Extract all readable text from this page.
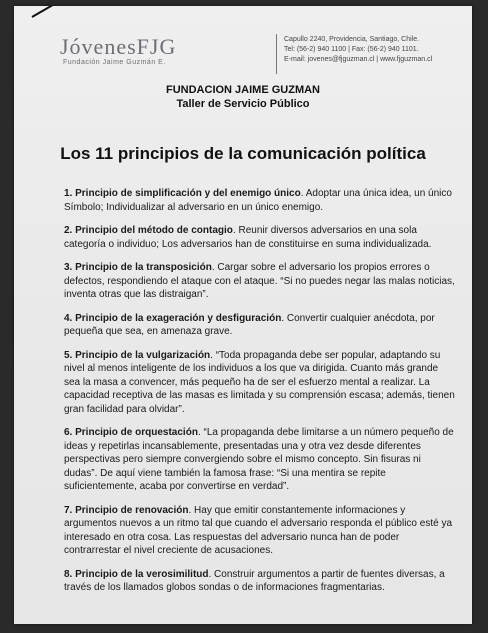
JóvenesFJG
Fundación Jaime Guzmán E.
Capullo 2240, Providencia, Santiago, Chile.
Tel: (56-2) 940 1100 | Fax: (56-2) 940 1101.
E-mail: jovenes@fjguzman.cl | www.fjguzman.cl
FUNDACION JAIME GUZMAN
Taller de Servicio Público
Los 11 principios de la comunicación política

1. Principio de simplificación y del enemigo único. Adoptar una única idea, un único Símbolo; Individualizar al adversario en un único enemigo.

2. Principio del método de contagio. Reunir diversos adversarios en una sola categoría o individuo; Los adversarios han de constituirse en suma individualizada.

3. Principio de la transposición. Cargar sobre el adversario los propios errores o defectos, respondiendo el ataque con el ataque. “Si no puedes negar las malas noticias, inventa otras que las distraigan”.

4. Principio de la exageración y desfiguración. Convertir cualquier anécdota, por pequeña que sea, en amenaza grave.

5. Principio de la vulgarización. “Toda propaganda debe ser popular, adaptando su nivel al menos inteligente de los individuos a los que va dirigida. Cuanto más grande sea la masa a convencer, más pequeño ha de ser el esfuerzo mental a realizar. La capacidad receptiva de las masas es limitada y su comprensión escasa; además, tienen gran facilidad para olvidar”.

6. Principio de orquestación. “La propaganda debe limitarse a un número pequeño de ideas y repetirlas incansablemente, presentadas una y otra vez desde diferentes perspectivas pero siempre convergiendo sobre el mismo concepto. Sin fisuras ni dudas”. De aquí viene también la famosa frase: “Si una mentira se repite suficientemente, acaba por convertirse en verdad”.

7. Principio de renovación. Hay que emitir constantemente informaciones y argumentos nuevos a un ritmo tal que cuando el adversario responda el público esté ya interesado en otra cosa. Las respuestas del adversario nunca han de poder contrarrestar el nivel creciente de acusaciones.

8. Principio de la verosimilitud. Construir argumentos a partir de fuentes diversas, a través de los llamados globos sondas o de informaciones fragmentarias.
